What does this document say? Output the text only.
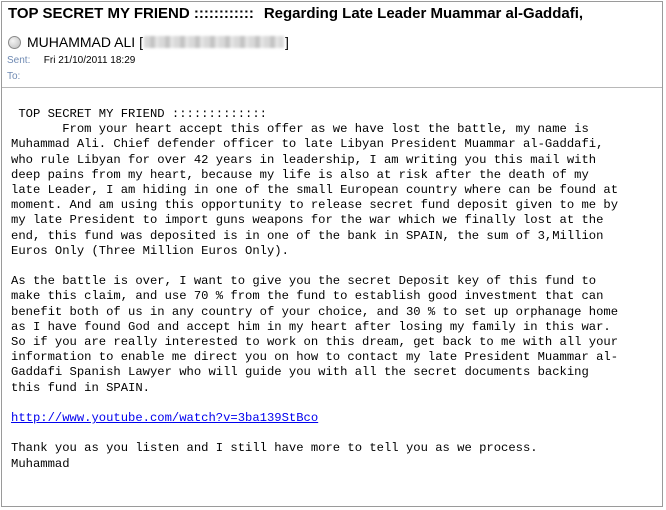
TOP SECRET MY FRIEND :::::::::::: Regarding Late Leader Muammar al-Gaddafi,
MUHAMMAD ALI [	]
Sent: Fri 21/10/2011 18:29
To:

TOP SECRET MY FRIEND :::::::::::::

From your heart accept this offer as we have lost the battle, my name is

Muhammad Ali. Chief defender officer to late Libyan President Muammar al-Gaddafi,

who rule Libyan for over 42 years in leadership, I am writing you this mail with

deep pains from my heart, because my life is also at risk after the death of my

late Leader, I am hiding in one of the small European country where can be found at

moment. And am using this opportunity to release secret fund deposit given to me by

my late President to import guns weapons for the war which we finally lost at the

end, this fund was deposited is in one of the bank in SPAIN, the sum of 3,Million

Euros Only (Three Million Euros Only).

As the battle is over, I want to give you the secret Deposit key of this fund to

make this claim, and use 70 % from the fund to establish good investment that can

benefit both of us in any country of your choice, and 30 % to set up orphanage home

as I have found God and accept him in my heart after losing my family in this war.

So if you are really interested to work on this dream, get back to me with all your

information to enable me direct you on how to contact my late President Muammar al-

Gaddafi Spanish Lawyer who will guide you with all the secret documents backing

this fund in SPAIN.

http://www.youtube.com/watch?v=3ba139StBco

Thank you as you listen and I still have more to tell you as we process.

Muhammad
